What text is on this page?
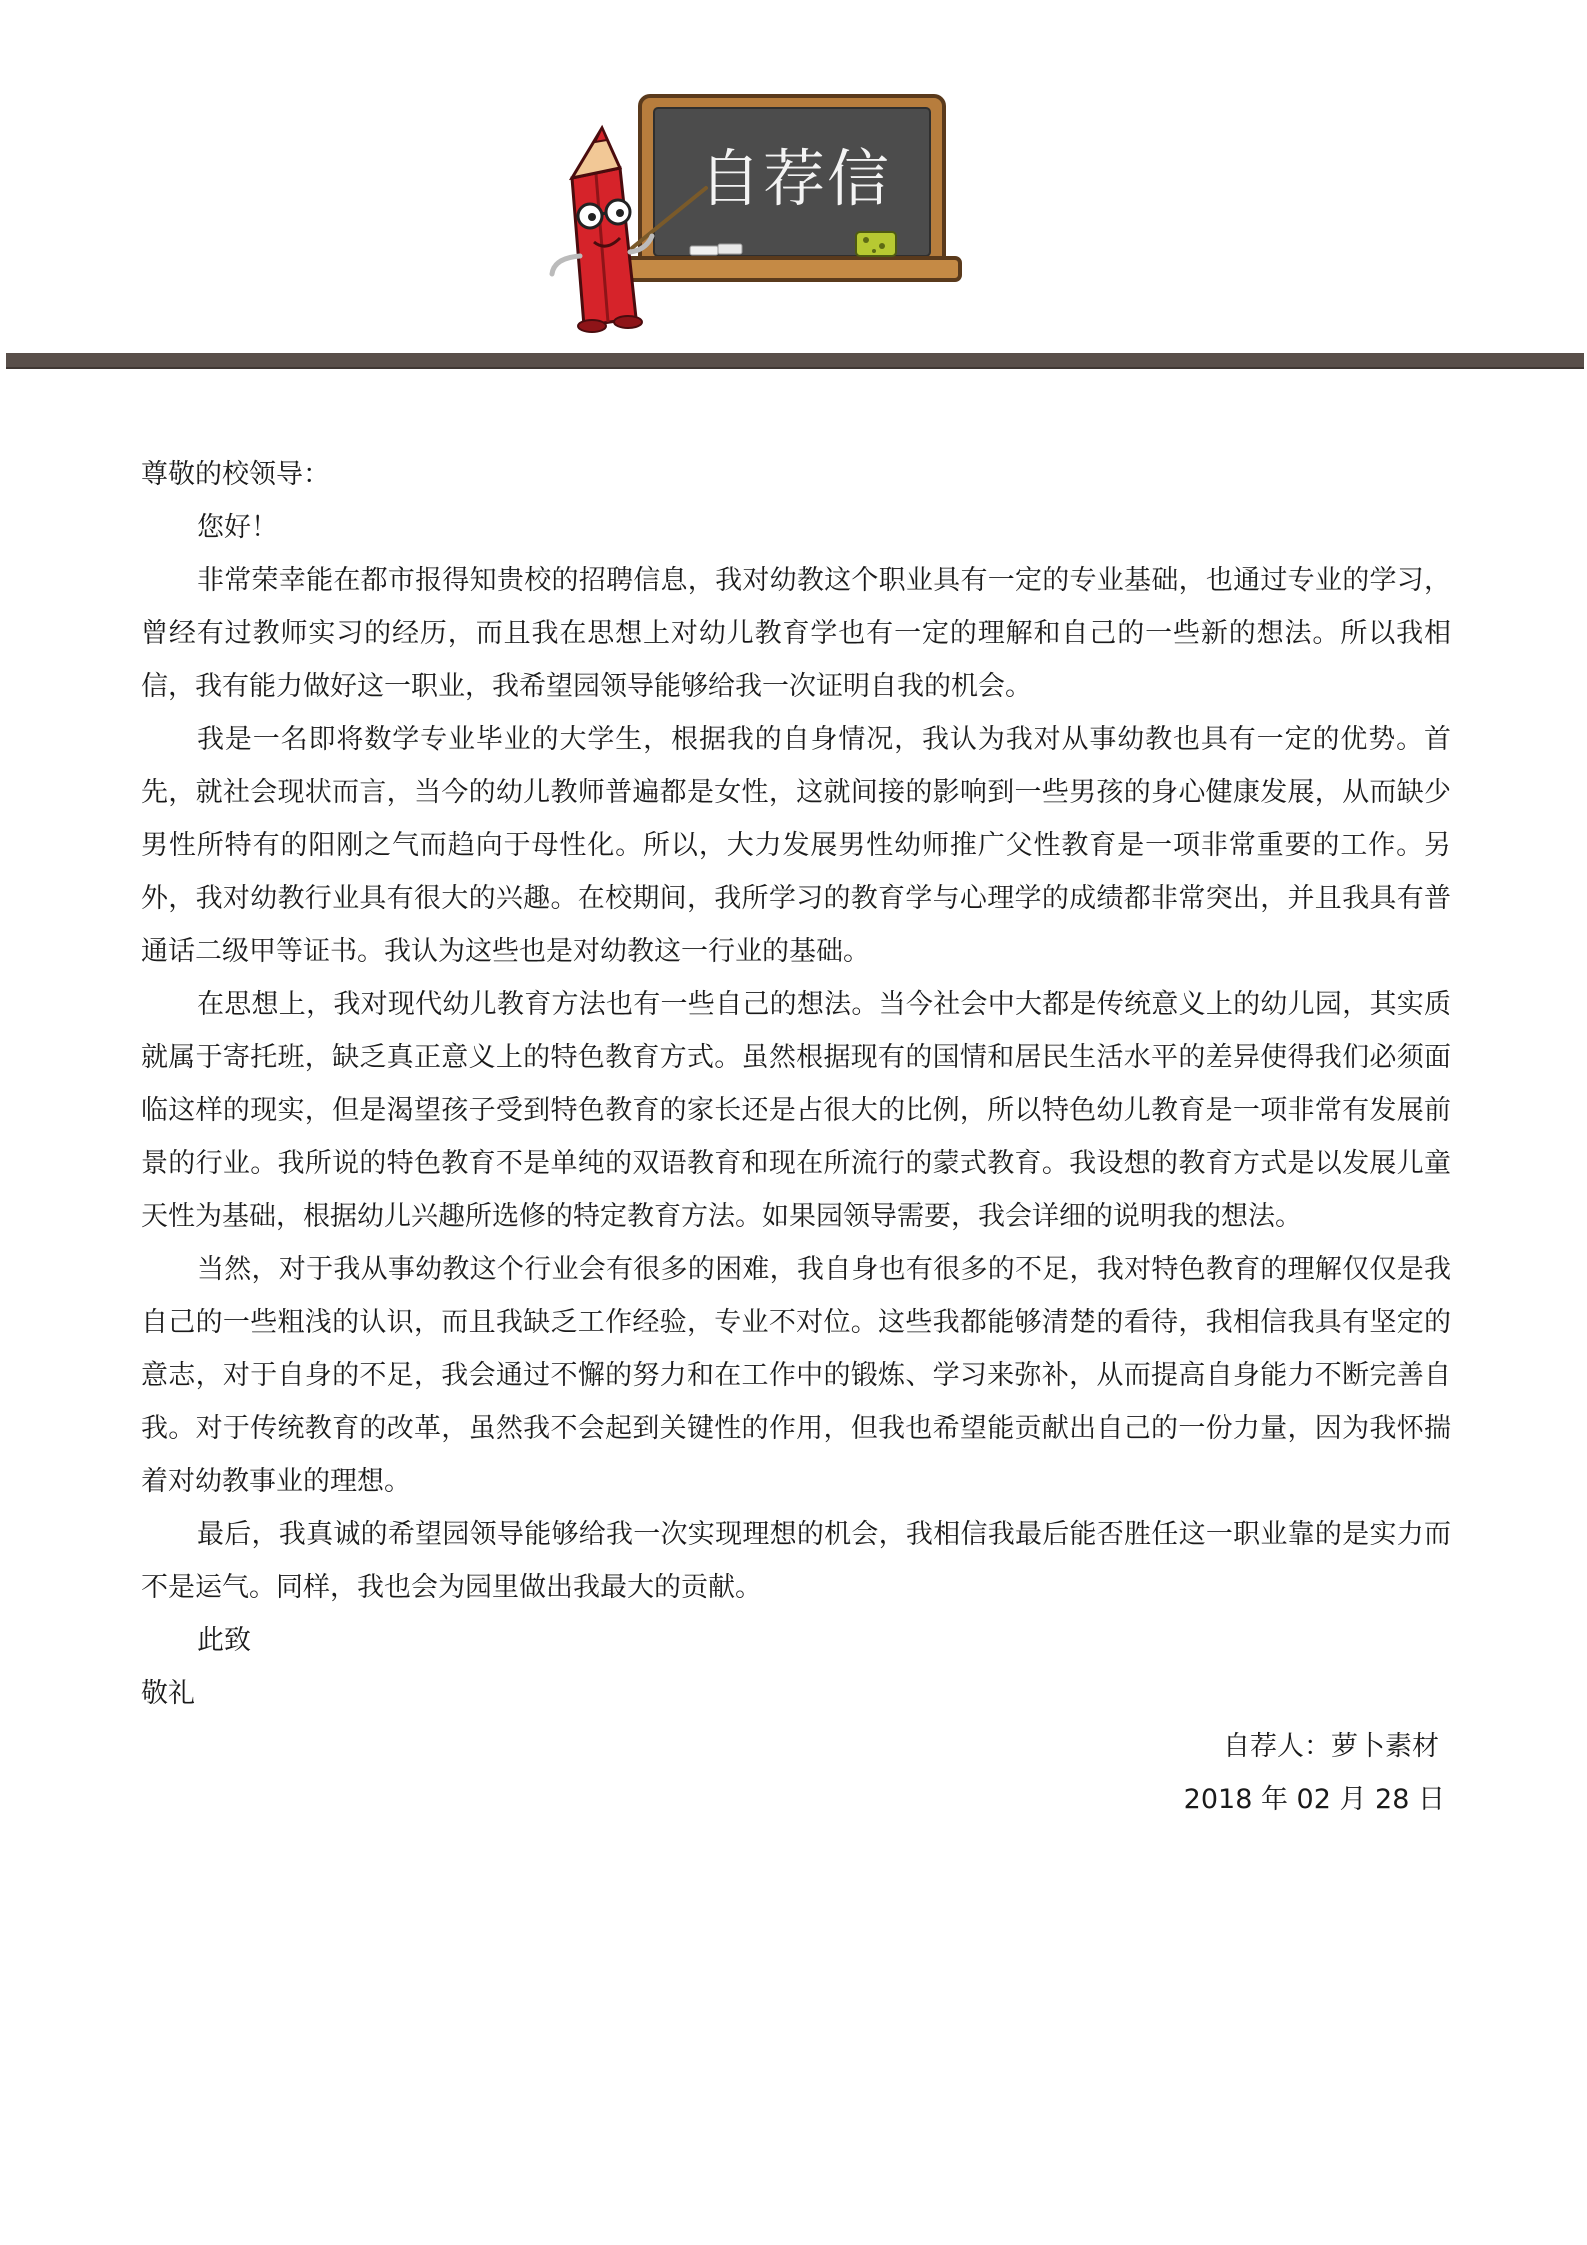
自荐信

尊敬的校领导：

您好！

非常荣幸能在都市报得知贵校的招聘信息，我对幼教这个职业具有一定的专业基础，也通过专业的学习，曾经有过教师实习的经历，而且我在思想上对幼儿教育学也有一定的理解和自己的一些新的想法。所以我相信，我有能力做好这一职业，我希望园领导能够给我一次证明自我的机会。

我是一名即将数学专业毕业的大学生，根据我的自身情况，我认为我对从事幼教也具有一定的优势。首先，就社会现状而言，当今的幼儿教师普遍都是女性，这就间接的影响到一些男孩的身心健康发展，从而缺少男性所特有的阳刚之气而趋向于母性化。所以，大力发展男性幼师推广父性教育是一项非常重要的工作。另外，我对幼教行业具有很大的兴趣。在校期间，我所学习的教育学与心理学的成绩都非常突出，并且我具有普通话二级甲等证书。我认为这些也是对幼教这一行业的基础。

在思想上，我对现代幼儿教育方法也有一些自己的想法。当今社会中大都是传统意义上的幼儿园，其实质就属于寄托班，缺乏真正意义上的特色教育方式。虽然根据现有的国情和居民生活水平的差异使得我们必须面临这样的现实，但是渴望孩子受到特色教育的家长还是占很大的比例，所以特色幼儿教育是一项非常有发展前景的行业。我所说的特色教育不是单纯的双语教育和现在所流行的蒙式教育。我设想的教育方式是以发展儿童天性为基础，根据幼儿兴趣所选修的特定教育方法。如果园领导需要，我会详细的说明我的想法。

当然，对于我从事幼教这个行业会有很多的困难，我自身也有很多的不足，我对特色教育的理解仅仅是我自己的一些粗浅的认识，而且我缺乏工作经验，专业不对位。这些我都能够清楚的看待，我相信我具有坚定的意志，对于自身的不足，我会通过不懈的努力和在工作中的锻炼、学习来弥补，从而提高自身能力不断完善自我。对于传统教育的改革，虽然我不会起到关键性的作用，但我也希望能贡献出自己的一份力量，因为我怀揣着对幼教事业的理想。

最后，我真诚的希望园领导能够给我一次实现理想的机会，我相信我最后能否胜任这一职业靠的是实力而不是运气。同样，我也会为园里做出我最大的贡献。

此致

敬礼

自荐人：萝卜素材

2018 年 02 月 28 日
